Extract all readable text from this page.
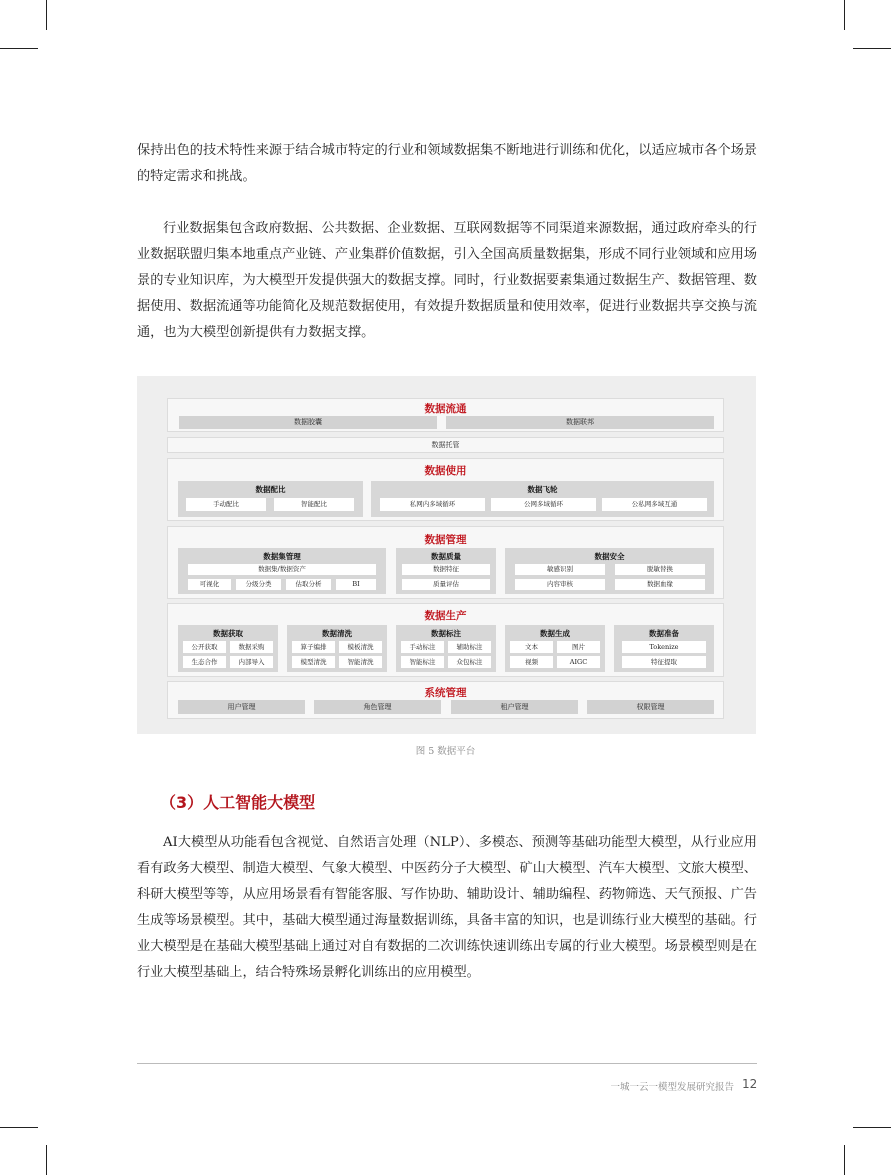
保持出色的技术特性来源于结合城市特定的行业和领域数据集不断地进行训练和优化，以适应城市各个场景的特定需求和挑战。

行业数据集包含政府数据、公共数据、企业数据、互联网数据等不同渠道来源数据，通过政府牵头的行业数据联盟归集本地重点产业链、产业集群价值数据，引入全国高质量数据集，形成不同行业领域和应用场景的专业知识库，为大模型开发提供强大的数据支撑。同时，行业数据要素集通过数据生产、数据管理、数据使用、数据流通等功能简化及规范数据使用，有效提升数据质量和使用效率，促进行业数据共享交换与流通，也为大模型创新提供有力数据支撑。

数据流通
数据胶囊	数据联邦
数据托管
数据使用
数据配比
手动配比	智能配比
数据飞轮
私网内多域循环	公网多域循环	公私网多域互通
数据管理
数据集管理
数据集/数据资产
可视化	分级分类	估取分析	BI
数据质量
数据特征
质量评估
数据安全
敏感识别	脱敏替换
内容审核	数据血缘
数据生产
数据获取
公开获取	数据采购
生态合作	内部导入
数据清洗
算子编排	模板清洗
模型清洗	智能清洗
数据标注
手动标注	辅助标注
智能标注	众包标注
数据生成
文本	图片
视频	AIGC
数据准备
Tokenize
特征提取
系统管理
用户管理	角色管理	租户管理	权限管理
图 5 数据平台
（3）人工智能大模型

AI大模型从功能看包含视觉、自然语言处理（NLP）、多模态、预测等基础功能型大模型，从行业应用看有政务大模型、制造大模型、气象大模型、中医药分子大模型、矿山大模型、汽车大模型、文旅大模型、科研大模型等等，从应用场景看有智能客服、写作协助、辅助设计、辅助编程、药物筛选、天气预报、广告生成等场景模型。其中，基础大模型通过海量数据训练，具备丰富的知识，也是训练行业大模型的基础。行业大模型是在基础大模型基础上通过对自有数据的二次训练快速训练出专属的行业大模型。场景模型则是在行业大模型基础上，结合特殊场景孵化训练出的应用模型。

一城一云一模型发展研究报告 12
